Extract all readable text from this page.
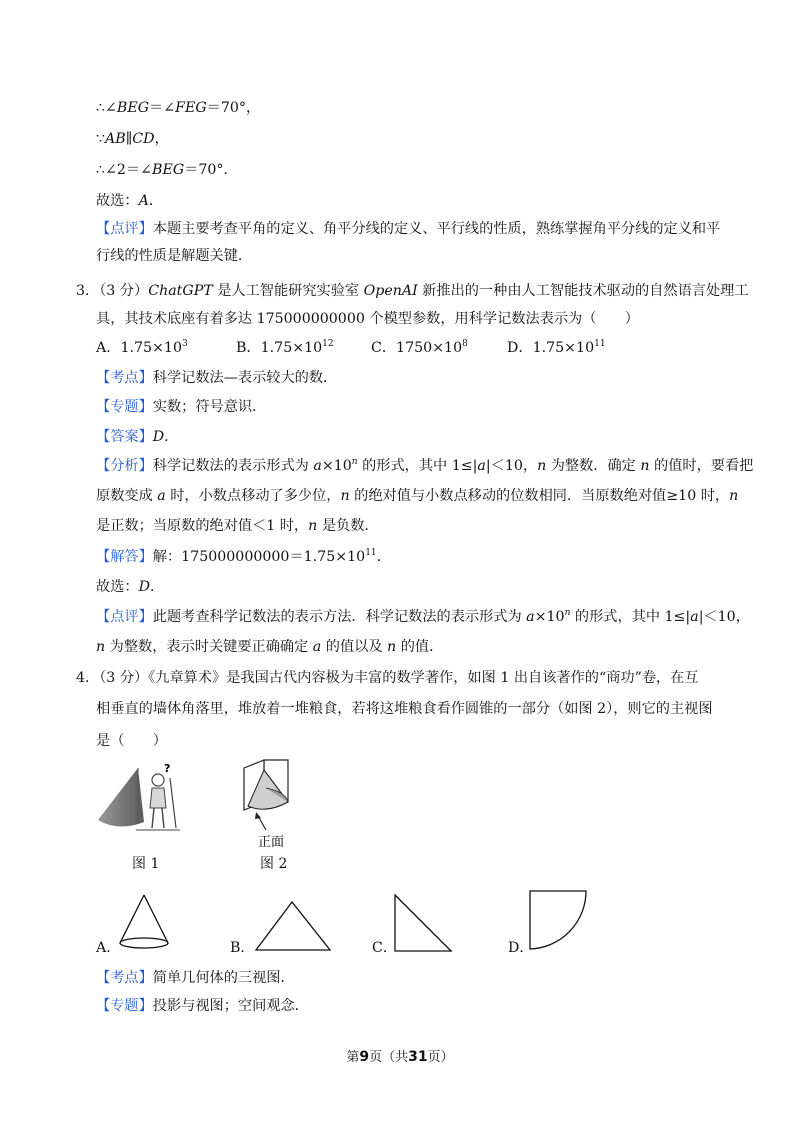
∴∠BEG＝∠FEG＝70°，
∵AB∥CD，
∴∠2＝∠BEG＝70°．
故选：A．
【点评】本题主要考查平角的定义、角平分线的定义、平行线的性质，熟练掌握角平分线的定义和平
行线的性质是解题关键．
3．（3 分）ChatGPT 是人工智能研究实验室 OpenAI 新推出的一种由人工智能技术驱动的自然语言处理工
具，其技术底座有着多达 175000000000 个模型参数，用科学记数法表示为（　　）
A．$1.75\times 10^3$	B．$1.75\times 10^{12}$	C．$1750\times 10^8$	D．$1.75\times 10^{11}$
【考点】科学记数法—表示较大的数．
【专题】实数；符号意识．
【答案】D．
【分析】科学记数法的表示形式为 $a\times 10^n$ 的形式，其中 1≤|a|＜10，n 为整数．确定 n 的值时，要看把
原数变成 a 时，小数点移动了多少位，n 的绝对值与小数点移动的位数相同．当原数绝对值≥10 时，n
是正数；当原数的绝对值＜1 时，n 是负数．
【解答】解：$175000000000=1.75\times 10^{11}$．
故选：D．
【点评】此题考查科学记数法的表示方法．科学记数法的表示形式为 $a\times 10^n$ 的形式，其中 1≤|a|＜10，
n 为整数，表示时关键要正确确定 a 的值以及 n 的值．
4．（3 分）《九章算术》是我国古代内容极为丰富的数学著作，如图 1 出自该著作的“商功”卷，在互
相垂直的墙体角落里，堆放着一堆粮食，若将这堆粮食看作圆锥的一部分（如图 2），则它的主视图
是（　　）
?
图 1
正面
图 2
A．	B．	C．	D．
【考点】简单几何体的三视图．
【专题】投影与视图；空间观念．
第9页（共31页）
